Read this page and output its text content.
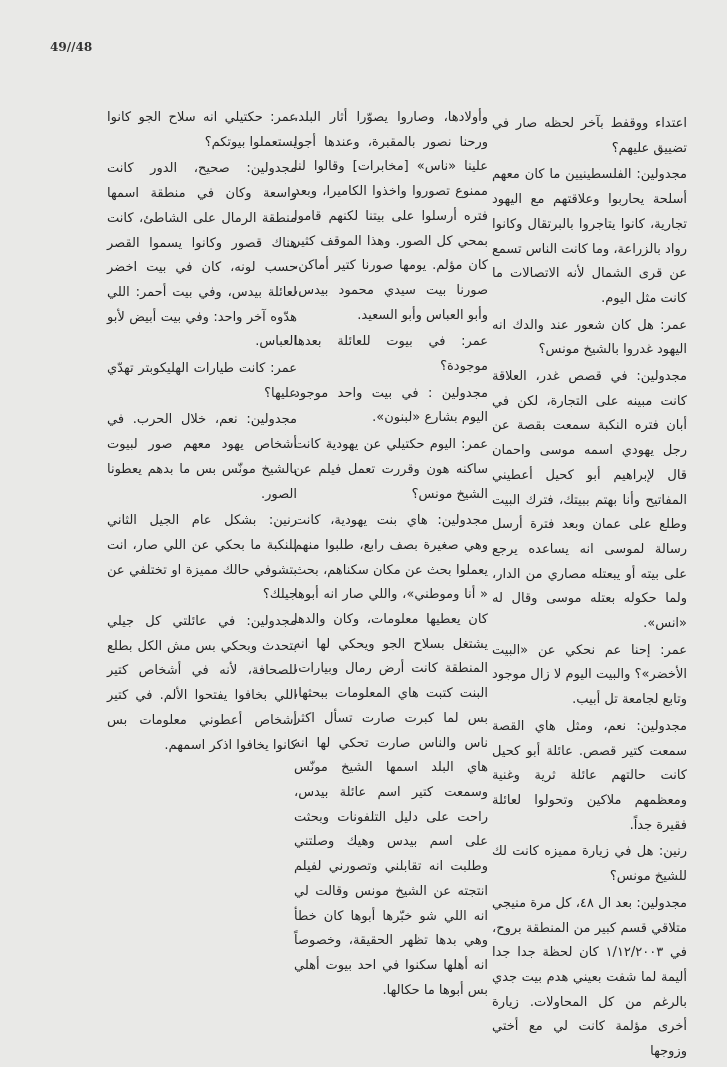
49//48

اعتداء ووقفط بآخر لحظه صار في تضييق عليهم؟

مجدولين: الفلسطينيين ما كان معهم أسلحة يحاربوا وعلاقتهم مع اليهود تجارية، كانوا يتاجروا بالبرتقال وكانوا رواد بالزراعة، وما كانت الناس تسمع عن قرى الشمال لأنه الاتصالات ما كانت مثل اليوم.

عمر: هل كان شعور عند والدك انه اليهود غدروا بالشيخ مونس؟

مجدولين: في قصص غدر، العلاقة كانت مبينه على التجارة، لكن في أبان فتره النكبة سمعت بقصة عن رجل يهودي اسمه موسى واحمان قال لإبراهيم أبو كحيل أعطيني المفاتيح وأنا بهتم ببيتك، فترك البيت وطلع على عمان وبعد فترة أرسل رسالة لموسى انه يساعده يرجع على بيته أو يبعتله مصاري من الدار، ولما حكوله بعتله موسى وقال له «انس».

عمر: إحنا عم نحكي عن «البيت الأخضر»؟ والبيت اليوم لا زال موجود وتابع لجامعة تل أبيب.

مجدولين: نعم، ومثل هاي القصة سمعت كتير قصص. عائلة أبو كحيل كانت حالتهم عائلة ثرية وغنية ومعظمهم ملاكين وتحولوا لعائلة فقيرة جداً.

رنين: هل في زيارة مميزه كانت لك للشيخ مونس؟

مجدولين: بعد ال ٤٨، كل مرة منيجي متلاقي قسم كبير من المنطقة بروح، في ١/١٢/٢٠٠٣ كان لحظة جدا جدا أليمة لما شفت بعيني هدم بيت جدي بالرغم من كل المحاولات. زيارة أخرى مؤلمة كانت لي مع أختي وزوجها

وأولادها، وصاروا يصوّرا أثار البلد، ورحنا نصور بالمقبرة، وعندها أجوا علينا «ناس» [مخابرات] وقالوا لنا ممنوع تصوروا واخذوا الكاميرا، وبعد فتره أرسلوا على بيتنا لكنهم قاموا بمحي كل الصور. وهذا الموقف كثير كان مؤلم. يومها صورنا كتير أماكن، صورنا بيت سيدي محمود بيدس، وأبو العباس وأبو السعيد.

عمر: في بيوت للعائلة بعدها موجودة؟

مجدولين : في بيت واحد موجود اليوم بشارع «لبنون».

عمر: اليوم حكتيلي عن يهودية كانت ساكنه هون وقررت تعمل فيلم عن الشيخ مونس؟

مجدولين: هاي بنت يهودية، كانت وهي صغيرة بصف رابع، طلبوا منهم يعملوا بحث عن مكان سكناهم، بحث « أنا وموطني»، واللي صار انه أبوها كان يعطيها معلومات، وكان والدها يشتغل بسلاح الجو ويحكي لها انه المنطقة كانت أرض رمال وبيارات، البنت كتبت هاي المعلومات ببحثها، بس لما كبرت صارت تسأل اكثر ناس والناس صارت تحكي لها انه هاي البلد اسمها الشيخ مونّس وسمعت كتير اسم عائلة بيدس، راحت على دليل التلفونات وبحثت على اسم بيدس وهيك وصلتني وطلبت انه تقابلني وتصورني لفيلم انتجته عن الشيخ مونس وقالت لي انه اللي شو خبّرها أبوها كان خطأ وهي بدها تظهر الحقيقة، وخصوصاً انه أهلها سكنوا في احد بيوت أهلي بس أبوها ما حكالها.

عمر: حكتيلي انه سلاح الجو كانوا يستعملوا بيوتكم؟

مجدولين: صحيح، الدور كانت واسعة وكان في منطقة اسمها منطقة الرمال على الشاطئ، كانت هناك قصور وكانوا يسموا القصر حسب لونه، كان في بيت اخضر لعائلة بيدس، وفي بيت أحمر: اللي هدّوه آخر واحد: وفي بيت أبيض لأبو العباس.

عمر: كانت طيارات الهليكوبتر تهدّي عليها؟

مجدولين: نعم، خلال الحرب. في أشخاص يهود معهم صور لبيوت بالشيخ مونّس بس ما بدهم يعطونا الصور.

رنين: بشكل عام الجيل الثاني للنكبة ما بحكي عن اللي صار، انت بتشوفي حالك مميزة او تختلفي عن جيلك؟

مجدولين: في عائلتي كل جيلي بتحدث وبحكي بس مش الكل بطلع للصحافة، لأنه في أشخاص كتير اللي بخافوا يفتحوا الألم. في كتير أشخاص أعطوني معلومات بس كانوا يخافوا اذكر اسمهم.
